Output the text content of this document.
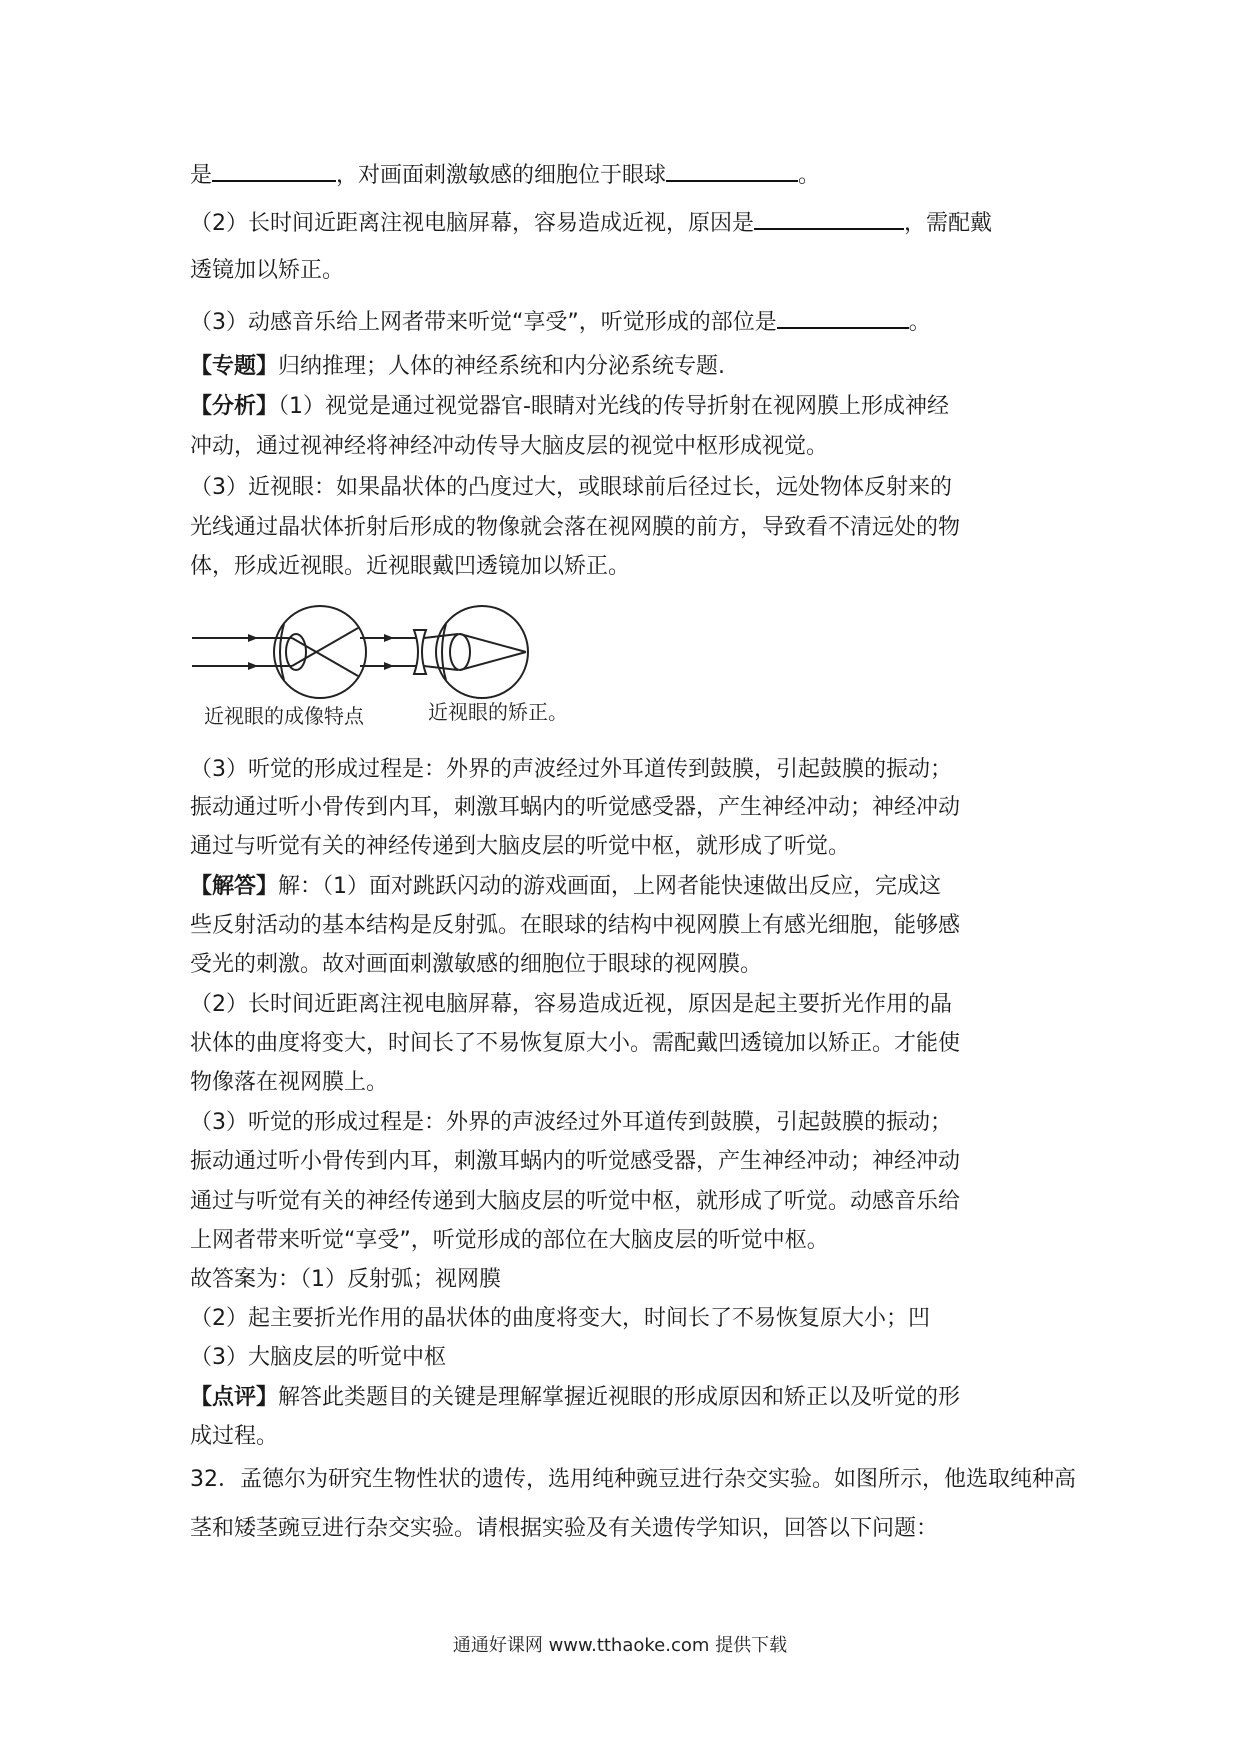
是	，对画面刺激敏感的细胞位于眼球	。
（2）长时间近距离注视电脑屏幕，容易造成近视，原因是	，需配戴
透镜加以矫正。
（3）动感音乐给上网者带来听觉“享受”，听觉形成的部位是	。
【专题】归纳推理；人体的神经系统和内分泌系统专题.
【分析】（1）视觉是通过视觉器官-眼睛对光线的传导折射在视网膜上形成神经
冲动，通过视神经将神经冲动传导大脑皮层的视觉中枢形成视觉。
（3）近视眼：如果晶状体的凸度过大，或眼球前后径过长，远处物体反射来的
光线通过晶状体折射后形成的物像就会落在视网膜的前方，导致看不清远处的物
体，形成近视眼。近视眼戴凹透镜加以矫正。
近视眼的成像特点	近视眼的矫正。
（3）听觉的形成过程是：外界的声波经过外耳道传到鼓膜，引起鼓膜的振动；
振动通过听小骨传到内耳，刺激耳蜗内的听觉感受器，产生神经冲动；神经冲动
通过与听觉有关的神经传递到大脑皮层的听觉中枢，就形成了听觉。
【解答】解：（1）面对跳跃闪动的游戏画面，上网者能快速做出反应，完成这
些反射活动的基本结构是反射弧。在眼球的结构中视网膜上有感光细胞，能够感
受光的刺激。故对画面刺激敏感的细胞位于眼球的视网膜。
（2）长时间近距离注视电脑屏幕，容易造成近视，原因是起主要折光作用的晶
状体的曲度将变大，时间长了不易恢复原大小。需配戴凹透镜加以矫正。才能使
物像落在视网膜上。
（3）听觉的形成过程是：外界的声波经过外耳道传到鼓膜，引起鼓膜的振动；
振动通过听小骨传到内耳，刺激耳蜗内的听觉感受器，产生神经冲动；神经冲动
通过与听觉有关的神经传递到大脑皮层的听觉中枢，就形成了听觉。动感音乐给
上网者带来听觉“享受”，听觉形成的部位在大脑皮层的听觉中枢。
故答案为：（1）反射弧；视网膜
（2）起主要折光作用的晶状体的曲度将变大，时间长了不易恢复原大小；凹
（3）大脑皮层的听觉中枢
【点评】解答此类题目的关键是理解掌握近视眼的形成原因和矫正以及听觉的形
成过程。
32．孟德尔为研究生物性状的遗传，选用纯种豌豆进行杂交实验。如图所示，他选取纯种高
茎和矮茎豌豆进行杂交实验。请根据实验及有关遗传学知识，回答以下问题：
通通好课网 www.tthaoke.com 提供下载
